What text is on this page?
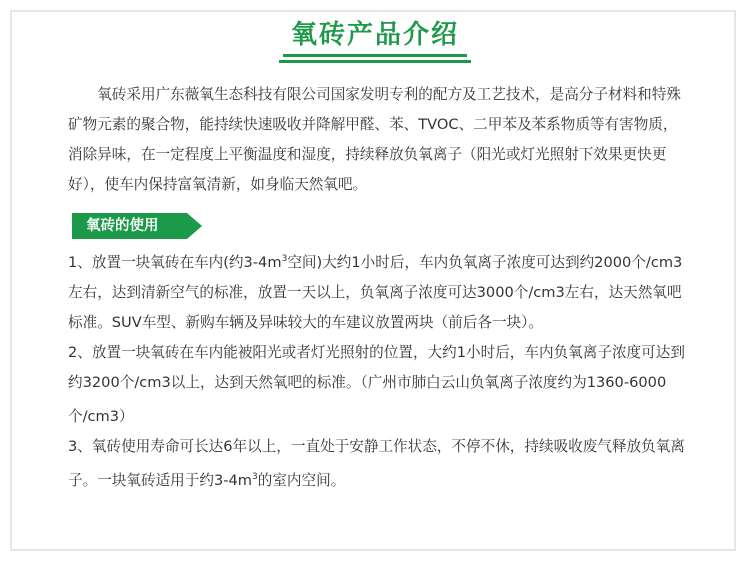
氧砖产品介绍

　　氧砖采用广东薇氧生态科技有限公司国家发明专利的配方及工艺技术，是高分子材料和特殊矿物元素的聚合物，能持续快速吸收并降解甲醛、苯、TVOC、二甲苯及苯系物质等有害物质，消除异味，在一定程度上平衡温度和湿度，持续释放负氧离子（阳光或灯光照射下效果更快更好），使车内保持富氧清新，如身临天然氧吧。

氧砖的使用

1、放置一块氧砖在车内(约$3-4m^3$空间)大约1小时后，车内负氧离子浓度可达到约2000个/cm3左右，达到清新空气的标准，放置一天以上，负氧离子浓度可达3000个/cm3左右，达天然氧吧标准。SUV车型、新购车辆及异味较大的车建议放置两块（前后各一块）。

2、放置一块氧砖在车内能被阳光或者灯光照射的位置，大约1小时后，车内负氧离子浓度可达到约3200个/cm3以上，达到天然氧吧的标准。（广州市肺白云山负氧离子浓度约为1360-6000个/cm3）

3、氧砖使用寿命可长达6年以上，一直处于安静工作状态，不停不休，持续吸收废气释放负氧离子。一块氧砖适用于约$3-4m^3$的室内空间。
